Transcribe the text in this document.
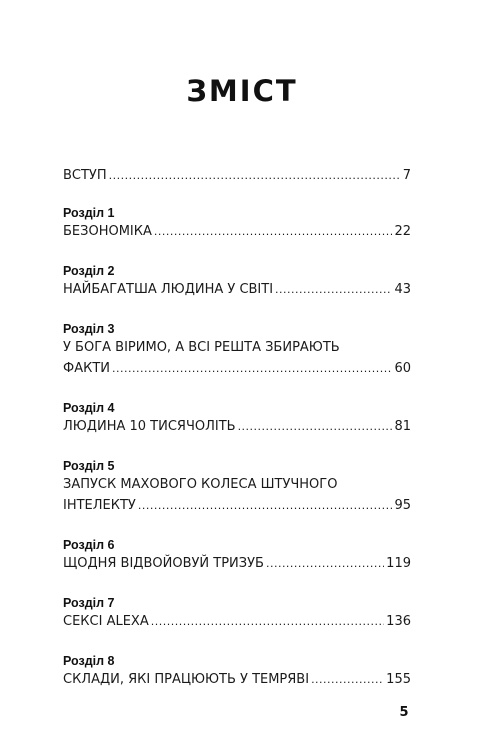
ЗМІСТ
ВСТУП .....	7
Розділ 1
БЕЗОНОМІКА .....	22
Розділ 2
НАЙБАГАТША ЛЮДИНА У СВІТІ .....	43
Розділ 3
У БОГА ВІРИМО, А ВСІ РЕШТА ЗБИРАЮТЬ
ФАКТИ .....	60
Розділ 4
ЛЮДИНА 10 ТИСЯЧОЛІТЬ .....	81
Розділ 5
ЗАПУСК МАХОВОГО КОЛЕСА ШТУЧНОГО
ІНТЕЛЕКТУ .....	95
Розділ 6
ЩОДНЯ ВІДВОЙОВУЙ ТРИЗУБ .....	119
Розділ 7
СЕКСІ ALEXA .....	136
Розділ 8
СКЛАДИ, ЯКІ ПРАЦЮЮТЬ У ТЕМРЯВІ .....	155
5
